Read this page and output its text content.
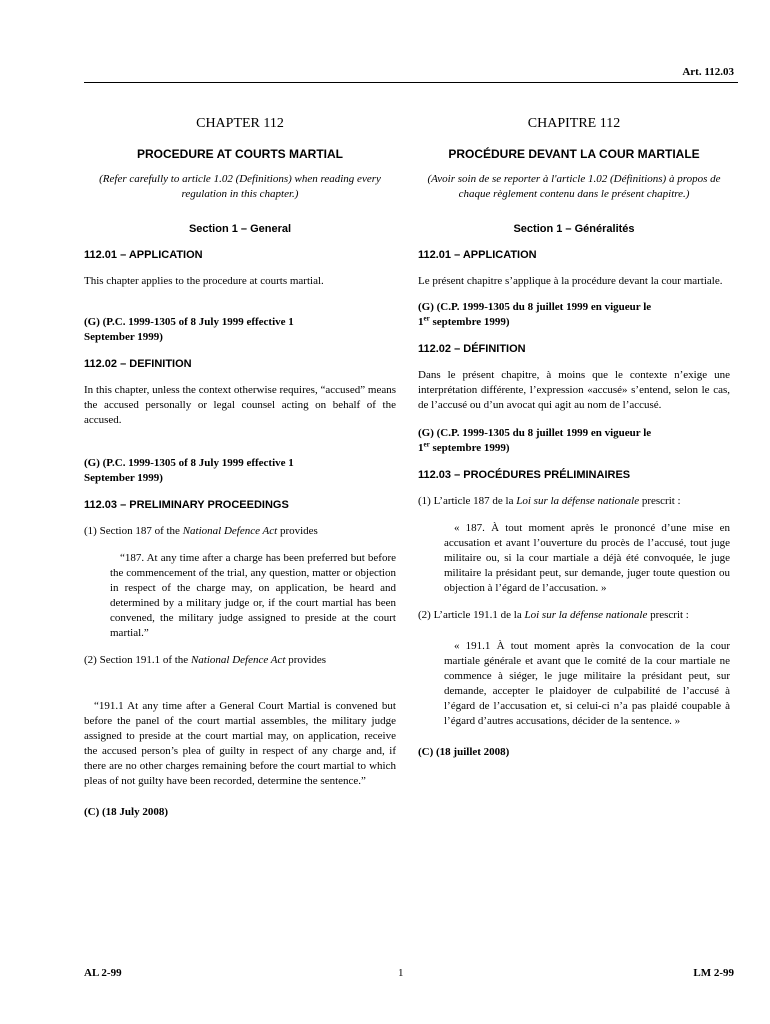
Art. 112.03
CHAPTER 112
PROCEDURE AT COURTS MARTIAL
(Refer carefully to article 1.02 (Definitions) when reading every regulation in this chapter.)
Section 1 – General
112.01 – APPLICATION
This chapter applies to the procedure at courts martial.
(G) (P.C. 1999-1305 of 8 July 1999 effective 1 September 1999)
112.02 – DEFINITION
In this chapter, unless the context otherwise requires, “accused” means the accused personally or legal counsel acting on behalf of the accused.
(G) (P.C. 1999-1305 of 8 July 1999 effective 1 September 1999)
112.03 – PRELIMINARY PROCEEDINGS
(1) Section 187 of the National Defence Act provides
“187. At any time after a charge has been preferred but before the commencement of the trial, any question, matter or objection in respect of the charge may, on application, be heard and determined by a military judge or, if the court martial has been convened, the military judge assigned to preside at the court martial.”
(2) Section 191.1 of the National Defence Act provides
“191.1 At any time after a General Court Martial is convened but before the panel of the court martial assembles, the military judge assigned to preside at the court martial may, on application, receive the accused person’s plea of guilty in respect of any charge and, if there are no other charges remaining before the court martial to which pleas of not guilty have been recorded, determine the sentence.”
(C) (18 July 2008)
CHAPITRE 112
PROCÉDURE DEVANT LA COUR MARTIALE
(Avoir soin de se reporter à l'article 1.02 (Définitions) à propos de chaque règlement contenu dans le présent chapitre.)
Section 1 – Généralités
112.01 – APPLICATION
Le présent chapitre s’applique à la procédure devant la cour martiale.
(G) (C.P. 1999-1305 du 8 juillet 1999 en vigueur le
1er septembre 1999)
112.02 – DÉFINITION
Dans le présent chapitre, à moins que le contexte n’exige une interprétation différente, l’expression «accusé» s’entend, selon le cas, de l’accusé ou d’un avocat qui agit au nom de l’accusé.
(G) (C.P. 1999-1305 du 8 juillet 1999 en vigueur le
1er septembre 1999)
112.03 – PROCÉDURES PRÉLIMINAIRES
(1) L’article 187 de la Loi sur la défense nationale prescrit :
« 187. À tout moment après le prononcé d’une mise en accusation et avant l’ouverture du procès de l’accusé, tout juge militaire ou, si la cour martiale a déjà été convoquée, le juge militaire la présidant peut, sur demande, juger toute question ou objection à l’égard de l’accusation. »
(2) L’article 191.1 de la Loi sur la défense nationale prescrit :
« 191.1 À tout moment après la convocation de la cour martiale générale et avant que le comité de la cour martiale ne commence à siéger, le juge militaire la présidant peut, sur demande, accepter le plaidoyer de culpabilité de l’accusé à l’égard de l’accusation et, si celui-ci n’a pas plaidé coupable à l’égard d’autres accusations, décider de la sentence. »
(C) (18 juillet 2008)
AL 2-99	1	LM 2-99
